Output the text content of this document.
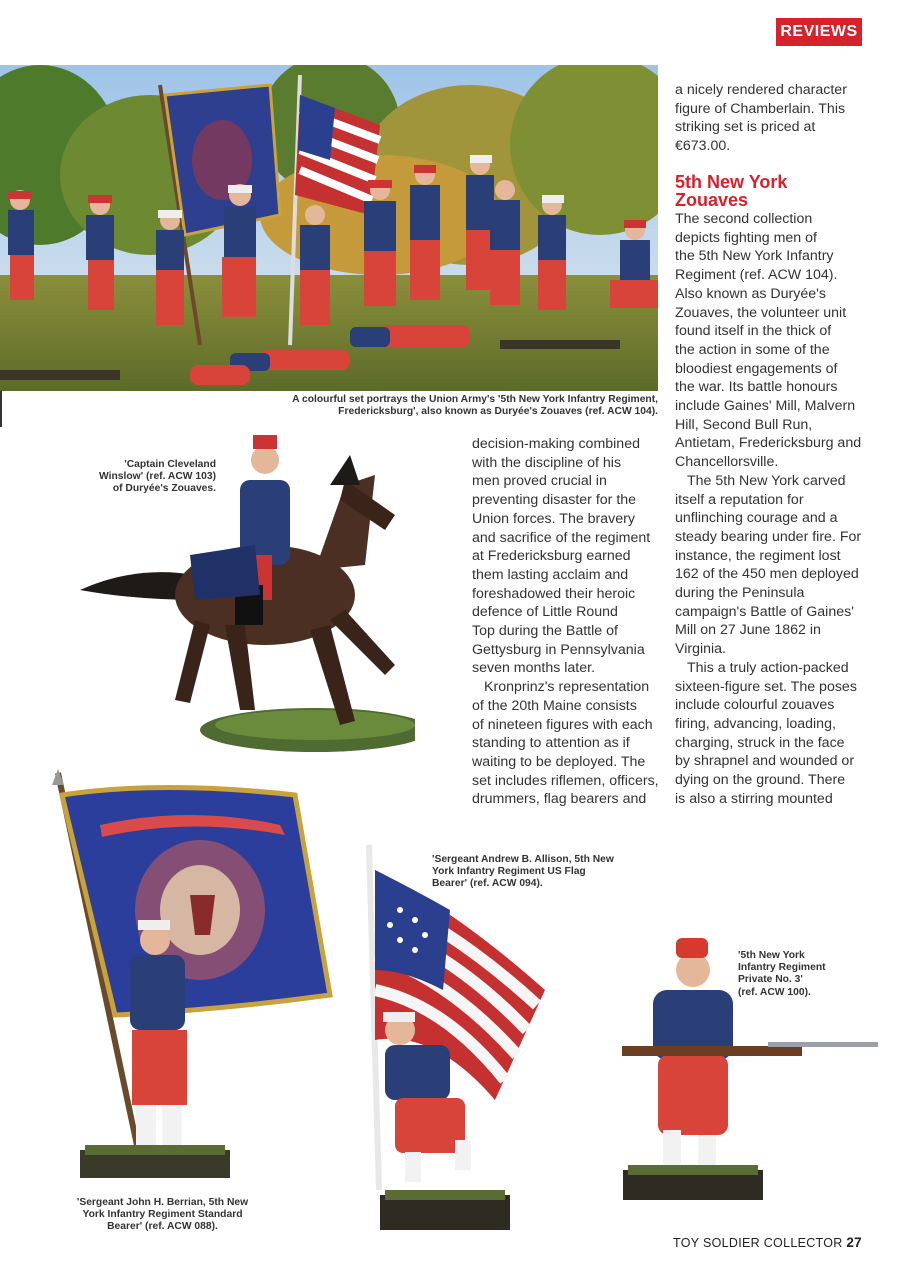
REVIEWS
A colourful set portrays the Union Army's '5th New York Infantry Regiment,
Fredericksburg', also known as Duryée's Zouaves (ref. ACW 104).

a nicely rendered character

figure of Chamberlain. This

striking set is priced at

€673.00.

5th New York
Zouaves

The second collection

depicts fighting men of

the 5th New York Infantry

Regiment (ref. ACW 104).

Also known as Duryée's

Zouaves, the volunteer unit

found itself in the thick of

the action in some of the

bloodiest engagements of

the war. Its battle honours

include Gaines' Mill, Malvern

Hill, Second Bull Run,

Antietam, Fredericksburg and

Chancellorsville.

The 5th New York carved

itself a reputation for

unflinching courage and a

steady bearing under fire. For

instance, the regiment lost

162 of the 450 men deployed

during the Peninsula

campaign's Battle of Gaines'

Mill on 27 June 1862 in

Virginia.

This a truly action-packed

sixteen-figure set. The poses

include colourful zouaves

firing, advancing, loading,

charging, struck in the face

by shrapnel and wounded or

dying on the ground. There

is also a stirring mounted

decision-making combined

with the discipline of his

men proved crucial in

preventing disaster for the

Union forces. The bravery

and sacrifice of the regiment

at Fredericksburg earned

them lasting acclaim and

foreshadowed their heroic

defence of Little Round

Top during the Battle of

Gettysburg in Pennsylvania

seven months later.

Kronprinz's representation

of the 20th Maine consists

of nineteen figures with each

standing to attention as if

waiting to be deployed. The

set includes riflemen, officers,

drummers, flag bearers and

'Captain Cleveland
Winslow' (ref. ACW 103)
of Duryée's Zouaves.
'Sergeant John H. Berrian, 5th New
York Infantry Regiment Standard
Bearer' (ref. ACW 088).
'Sergeant Andrew B. Allison, 5th New
York Infantry Regiment US Flag
Bearer' (ref. ACW 094).
'5th New York
Infantry Regiment
Private No. 3'
(ref. ACW 100).
TOY SOLDIER COLLECTOR 27
